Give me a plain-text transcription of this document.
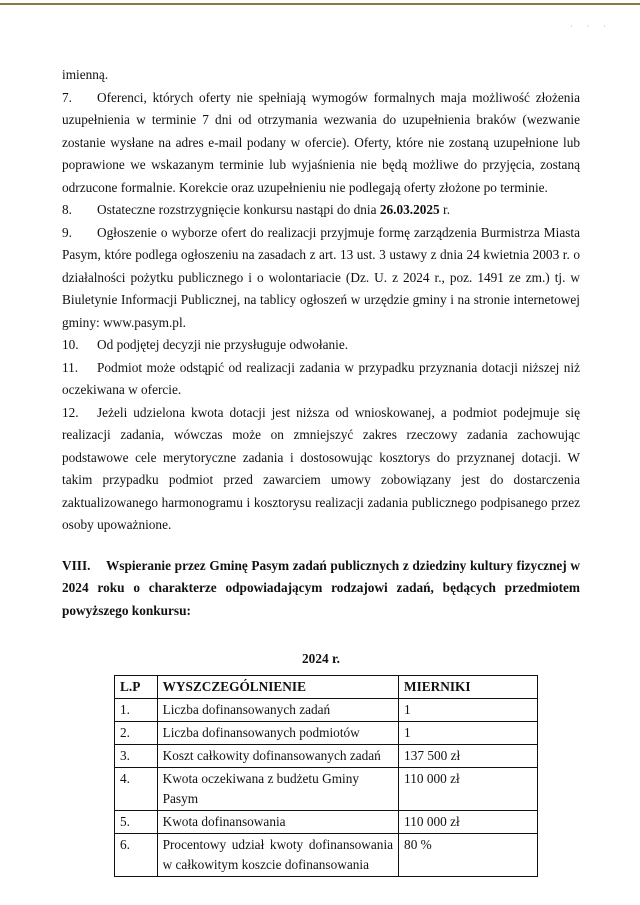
· · ·

imienną.

7. Oferenci, których oferty nie spełniają wymogów formalnych maja możliwość złożenia uzupełnienia w terminie 7 dni od otrzymania wezwania do uzupełnienia braków (wezwanie zostanie wysłane na adres e-mail podany w ofercie). Oferty, które nie zostaną uzupełnione lub poprawione we wskazanym terminie lub wyjaśnienia nie będą możliwe do przyjęcia, zostaną odrzucone formalnie. Korekcie oraz uzupełnieniu nie podlegają oferty złożone po terminie.

8. Ostateczne rozstrzygnięcie konkursu nastąpi do dnia 26.03.2025 r.

9. Ogłoszenie o wyborze ofert do realizacji przyjmuje formę zarządzenia Burmistrza Miasta Pasym, które podlega ogłoszeniu na zasadach z art. 13 ust. 3 ustawy z dnia 24 kwietnia 2003 r. o działalności pożytku publicznego i o wolontariacie (Dz. U. z 2024 r., poz. 1491 ze zm.) tj. w Biuletynie Informacji Publicznej, na tablicy ogłoszeń w urzędzie gminy i na stronie internetowej gminy: www.pasym.pl.

10. Od podjętej decyzji nie przysługuje odwołanie.

11. Podmiot może odstąpić od realizacji zadania w przypadku przyznania dotacji niższej niż oczekiwana w ofercie.

12. Jeżeli udzielona kwota dotacji jest niższa od wnioskowanej, a podmiot podejmuje się realizacji zadania, wówczas może on zmniejszyć zakres rzeczowy zadania zachowując podstawowe cele merytoryczne zadania i dostosowując kosztorys do przyznanej dotacji. W takim przypadku podmiot przed zawarciem umowy zobowiązany jest do dostarczenia zaktualizowanego harmonogramu i kosztorysu realizacji zadania publicznego podpisanego przez osoby upoważnione.

VIII. Wspieranie przez Gminę Pasym zadań publicznych z dziedziny kultury fizycznej w 2024 roku o charakterze odpowiadającym rodzajowi zadań, będących przedmiotem powyższego konkursu:

2024 r.
L.P	WYSZCZEGÓLNIENIE	MIERNIKI
1.	Liczba dofinansowanych zadań	1
2.	Liczba dofinansowanych podmiotów	1
3.	Koszt całkowity dofinansowanych zadań	137 500 zł
4.	Kwota oczekiwana z budżetu Gminy Pasym	110 000 zł
5.	Kwota dofinansowania	110 000 zł
6.	Procentowy udział kwoty dofinansowania w całkowitym koszcie dofinansowania	80 %
